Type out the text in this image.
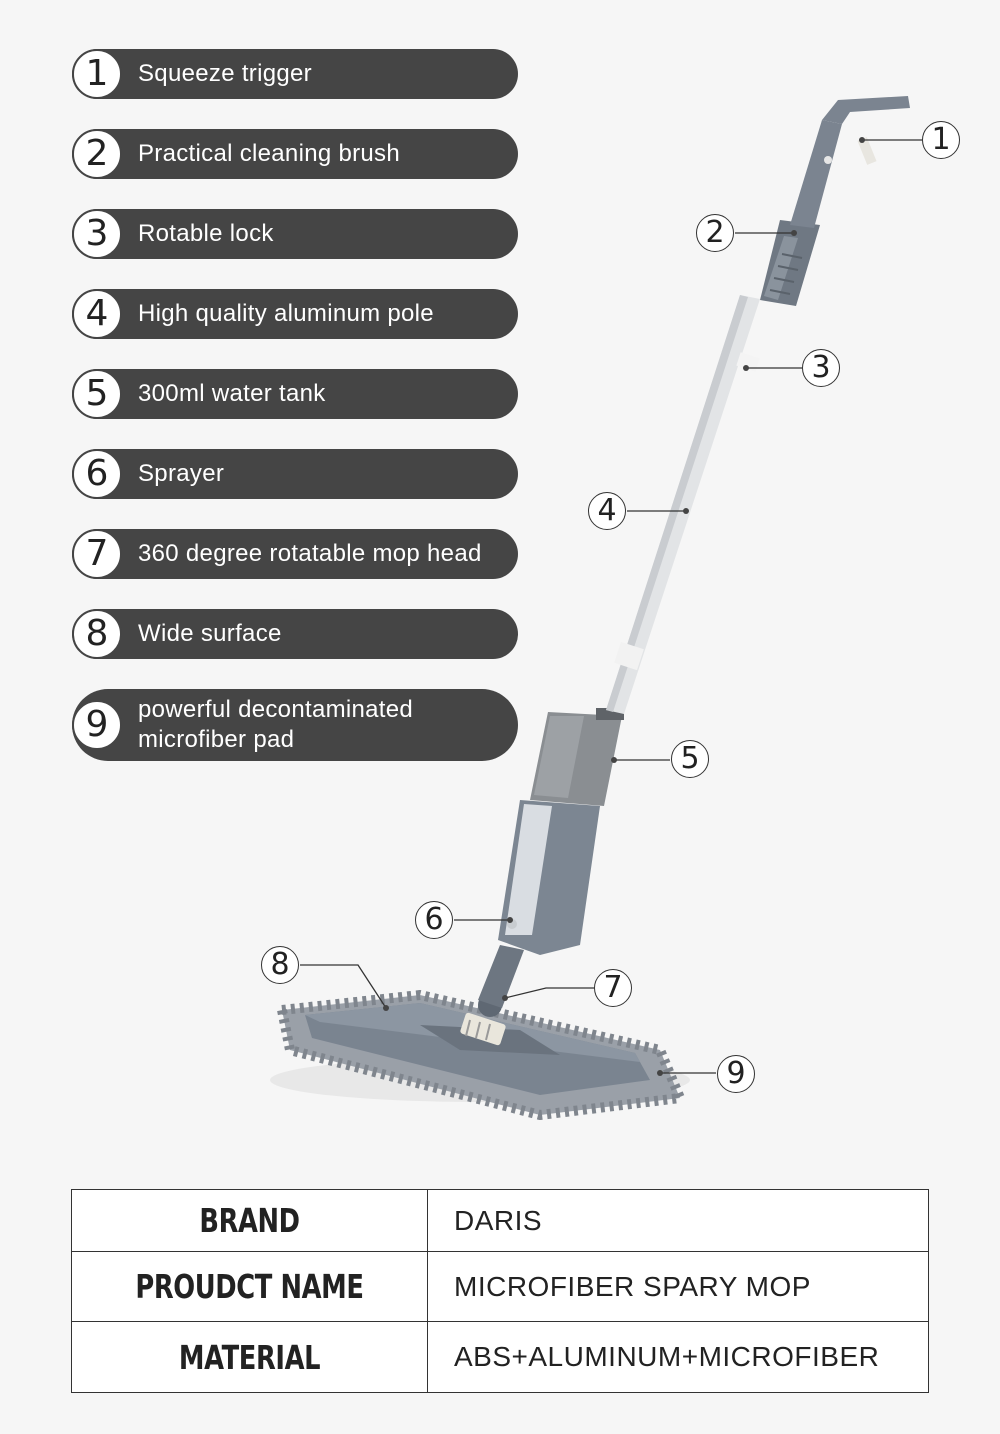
1	Squeeze trigger
2	Practical cleaning brush
3	Rotable lock
4	High quality aluminum pole
5	300ml water tank
6	Sprayer
7	360 degree rotatable mop head
8	Wide surface
9	powerful decontaminated
microfiber pad
1
2
3
4
5
6
7
8
9
BRAND	DARIS

PROUDCT NAME	MICROFIBER SPARY MOP

MATERIAL	ABS+ALUMINUM+MICROFIBER
